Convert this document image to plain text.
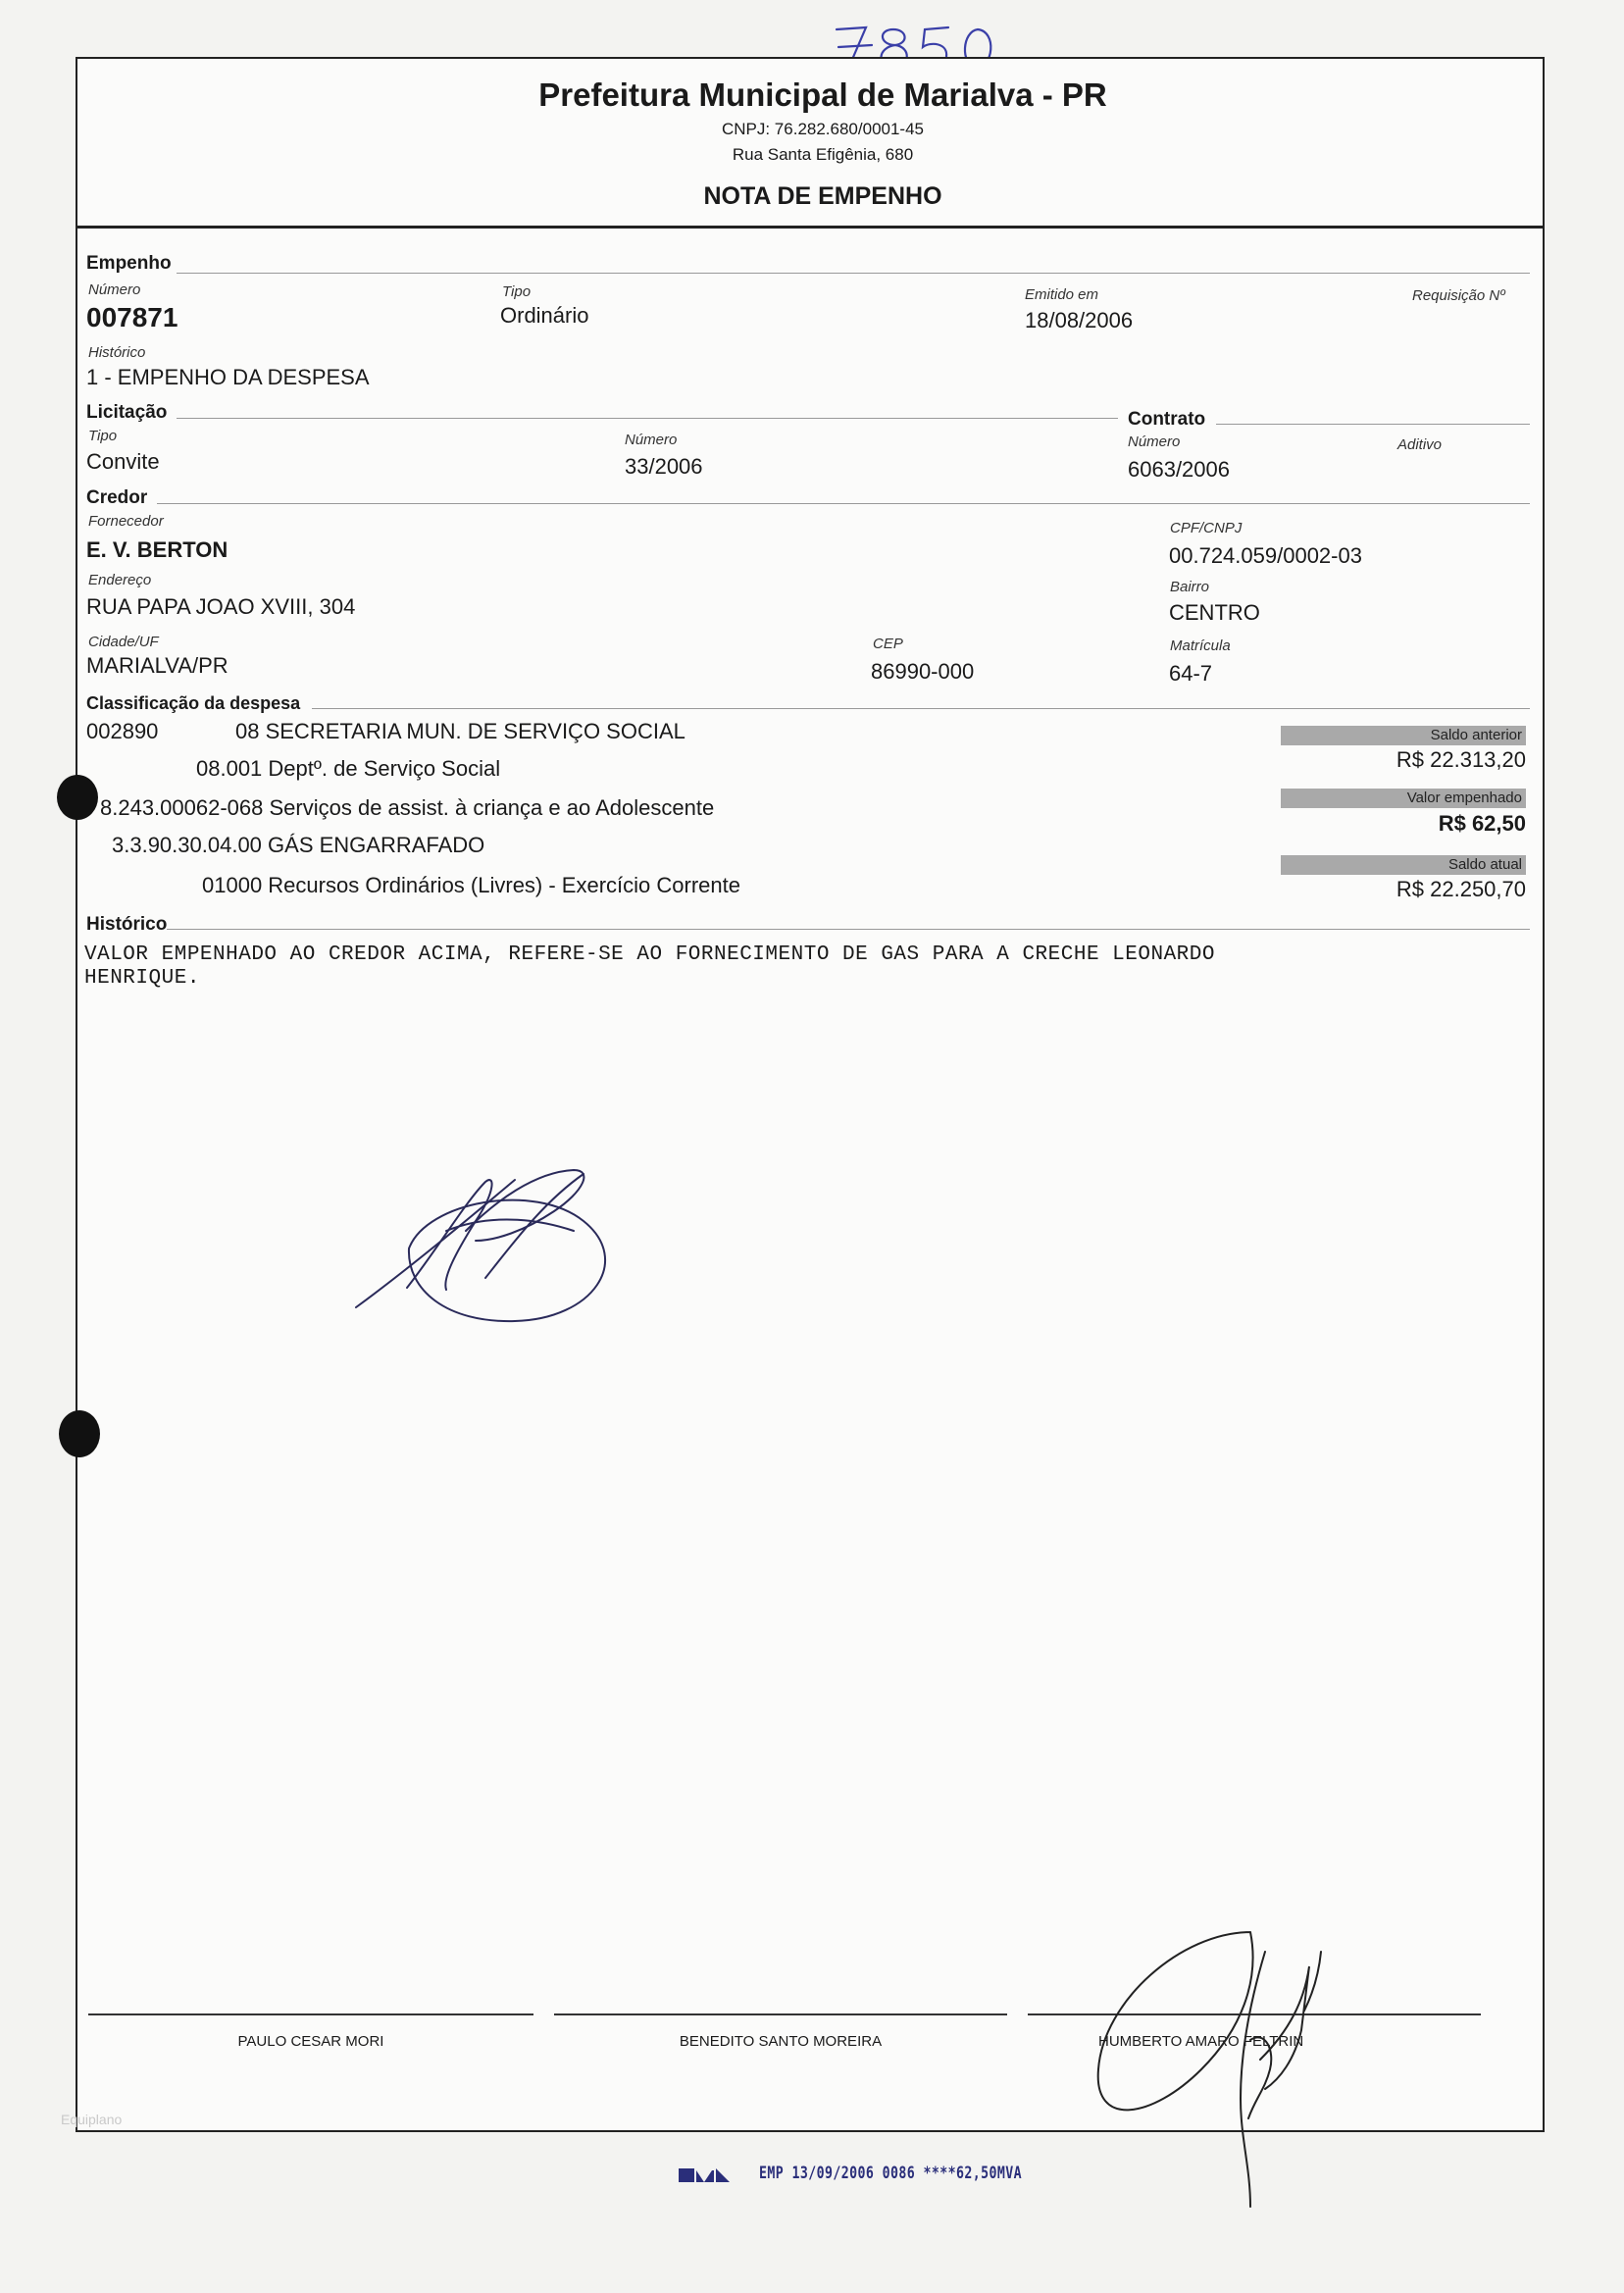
Prefeitura Municipal de Marialva - PR
CNPJ: 76.282.680/0001-45
Rua Santa Efigênia, 680
NOTA DE EMPENHO
Empenho
Número
007871
Tipo
Ordinário
Emitido em
18/08/2006
Requisição Nº
Histórico
1 - EMPENHO DA DESPESA
Licitação
Tipo
Convite
Número
33/2006
Contrato
Número
6063/2006
Aditivo
Credor
Fornecedor
E. V. BERTON
CPF/CNPJ
00.724.059/0002-03
Endereço
RUA PAPA JOAO XVIII, 304
Bairro
CENTRO
Cidade/UF
MARIALVA/PR
CEP
86990-000
Matrícula
64-7
Classificação da despesa
002890	08 SECRETARIA MUN. DE SERVIÇO SOCIAL
08.001 Deptº. de Serviço Social
8.243.00062-068 Serviços de assist. à criança e ao Adolescente
3.3.90.30.04.00 GÁS ENGARRAFADO
01000 Recursos Ordinários (Livres) - Exercício Corrente
Saldo anterior
R$ 22.313,20
Valor empenhado
R$ 62,50
Saldo atual
R$ 22.250,70
Histórico
VALOR EMPENHADO AO CREDOR ACIMA, REFERE-SE AO FORNECIMENTO DE GAS PARA A CRECHE LEONARDO
HENRIQUE.
PAULO CESAR MORI	BENEDITO SANTO MOREIRA	HUMBERTO AMARO FELTRIN
Equiplano
EMP 13/09/2006 0086 ****62,50MVA
